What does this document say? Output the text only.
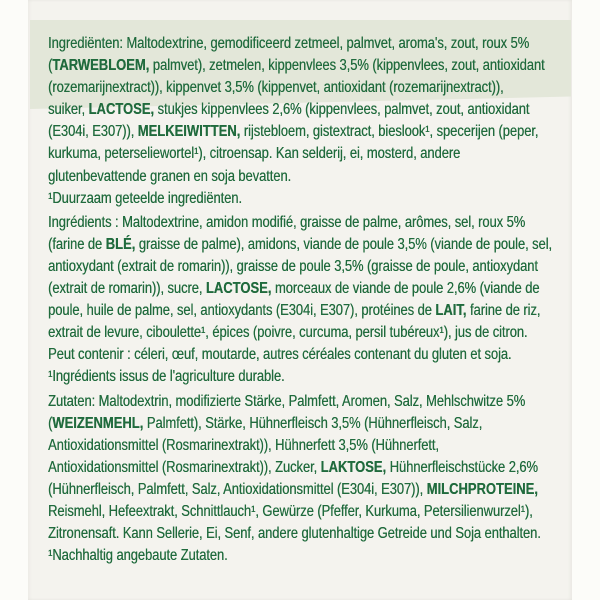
Ingrediënten: Maltodextrine, gemodificeerd zetmeel, palmvet, aroma's, zout, roux 5%
(TARWEBLOEM, palmvet), zetmelen, kippenvlees 3,5% (kippenvlees, zout, antioxidant
(rozemarijnextract)), kippenvet 3,5% (kippenvet, antioxidant (rozemarijnextract)),
suiker, LACTOSE, stukjes kippenvlees 2,6% (kippenvlees, palmvet, zout, antioxidant
(E304i, E307)), MELKEIWITTEN, rijstebloem, gistextract, bieslook¹, specerijen (peper,
kurkuma, peterseliewortel¹), citroensap. Kan selderij, ei, mosterd, andere
glutenbevattende granen en soja bevatten.
¹Duurzaam geteelde ingrediënten.
Ingrédients : Maltodextrine, amidon modifié, graisse de palme, arômes, sel, roux 5%
(farine de BLÉ, graisse de palme), amidons, viande de poule 3,5% (viande de poule, sel,
antioxydant (extrait de romarin)), graisse de poule 3,5% (graisse de poule, antioxydant
(extrait de romarin)), sucre, LACTOSE, morceaux de viande de poule 2,6% (viande de
poule, huile de palme, sel, antioxydants (E304i, E307), protéines de LAIT, farine de riz,
extrait de levure, ciboulette¹, épices (poivre, curcuma, persil tubéreux¹), jus de citron.
Peut contenir : céleri, œuf, moutarde, autres céréales contenant du gluten et soja.
¹Ingrédients issus de l'agriculture durable.
Zutaten: Maltodextrin, modifizierte Stärke, Palmfett, Aromen, Salz, Mehlschwitze 5%
(WEIZENMEHL, Palmfett), Stärke, Hühnerfleisch 3,5% (Hühnerfleisch, Salz,
Antioxidationsmittel (Rosmarinextrakt)), Hühnerfett 3,5% (Hühnerfett,
Antioxidationsmittel (Rosmarinextrakt)), Zucker, LAKTOSE, Hühnerfleischstücke 2,6%
(Hühnerfleisch, Palmfett, Salz, Antioxidationsmittel (E304i, E307)), MILCHPROTEINE,
Reismehl, Hefeextrakt, Schnittlauch¹, Gewürze (Pfeffer, Kurkuma, Petersilienwurzel¹),
Zitronensaft. Kann Sellerie, Ei, Senf, andere glutenhaltige Getreide und Soja enthalten.
¹Nachhaltig angebaute Zutaten.
